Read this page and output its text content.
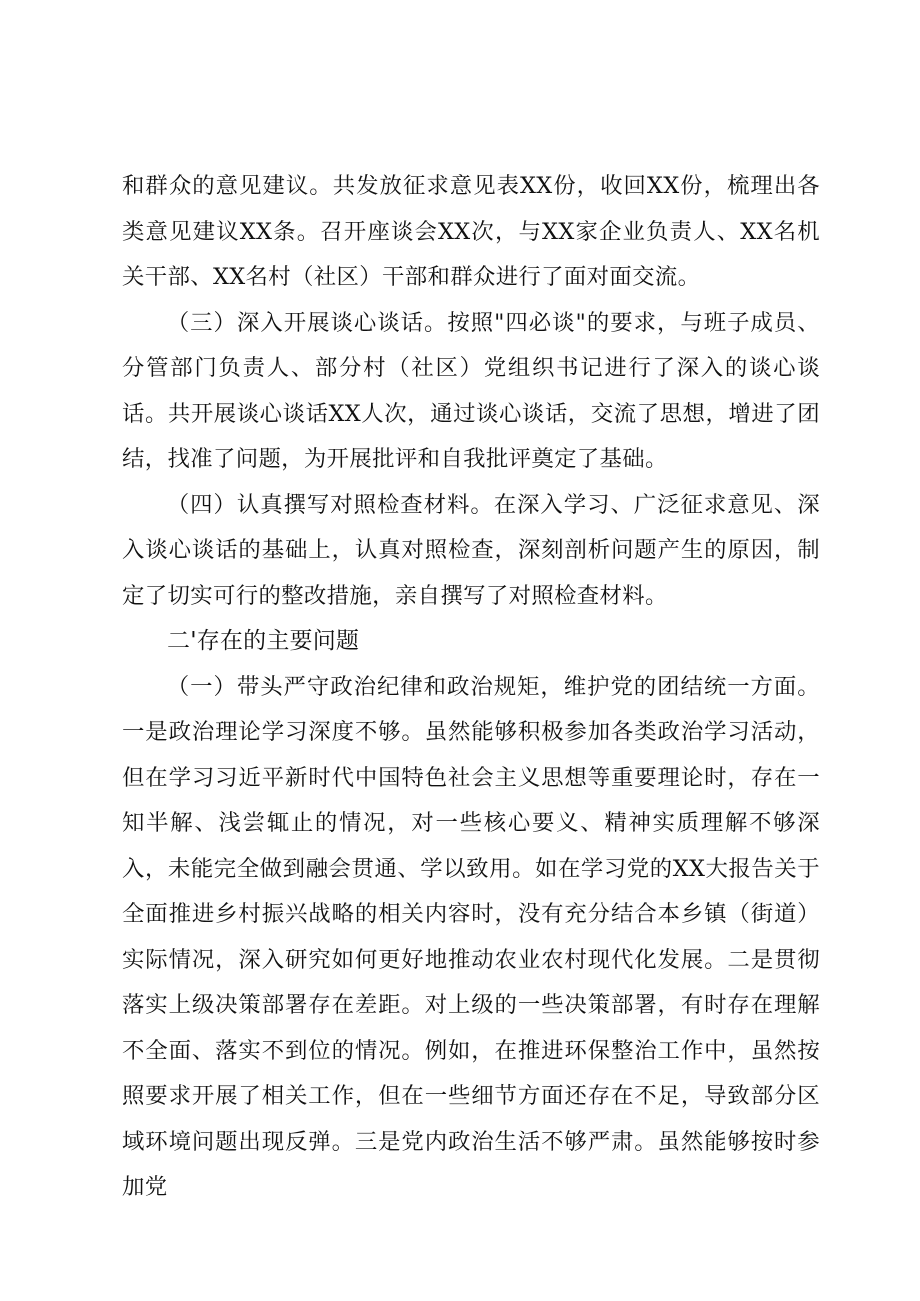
和群众的意见建议。共发放征求意见表XX份，收回XX份，梳理出各类意见建议XX条。召开座谈会XX次，与XX家企业负责人、XX名机关干部、XX名村（社区）干部和群众进行了面对面交流。

（三）深入开展谈心谈话。按照"四必谈"的要求，与班子成员、分管部门负责人、部分村（社区）党组织书记进行了深入的谈心谈话。共开展谈心谈话XX人次，通过谈心谈话，交流了思想，增进了团结，找准了问题，为开展批评和自我批评奠定了基础。

（四）认真撰写对照检查材料。在深入学习、广泛征求意见、深入谈心谈话的基础上，认真对照检查，深刻剖析问题产生的原因，制定了切实可行的整改措施，亲自撰写了对照检查材料。

二'存在的主要问题

（一）带头严守政治纪律和政治规矩，维护党的团结统一方面。一是政治理论学习深度不够。虽然能够积极参加各类政治学习活动，但在学习习近平新时代中国特色社会主义思想等重要理论时，存在一知半解、浅尝辄止的情况，对一些核心要义、精神实质理解不够深入，未能完全做到融会贯通、学以致用。如在学习党的XX大报告关于全面推进乡村振兴战略的相关内容时，没有充分结合本乡镇（街道）实际情况，深入研究如何更好地推动农业农村现代化发展。二是贯彻落实上级决策部署存在差距。对上级的一些决策部署，有时存在理解不全面、落实不到位的情况。例如，在推进环保整治工作中，虽然按照要求开展了相关工作，但在一些细节方面还存在不足，导致部分区域环境问题出现反弹。三是党内政治生活不够严肃。虽然能够按时参加党
